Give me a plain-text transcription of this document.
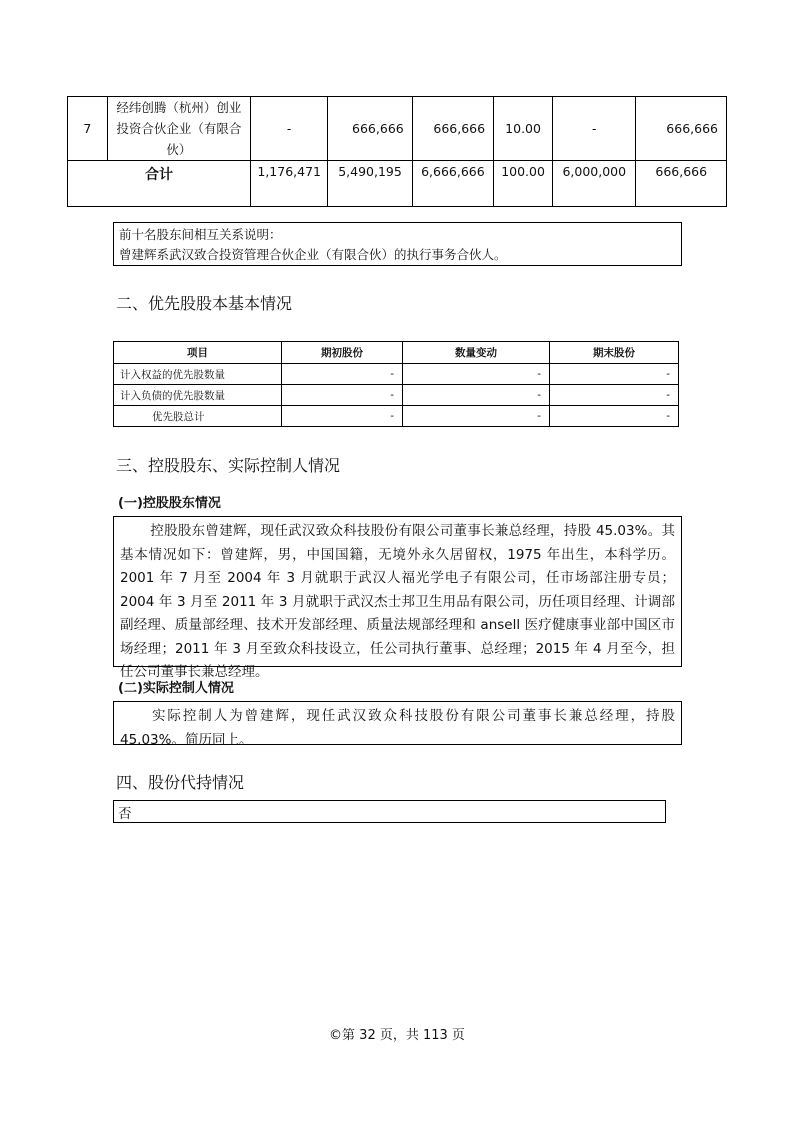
7	经纬创腾（杭州）创业投资合伙企业（有限合伙）	-	666,666	666,666	10.00	-	666,666
合计		1,176,471	5,490,195	6,666,666	100.00	6,000,000	666,666
前十名股东间相互关系说明：
曾建辉系武汉致合投资管理合伙企业（有限合伙）的执行事务合伙人。
二、优先股股本基本情况
项目	期初股份	数量变动	期末股份
计入权益的优先股数量	-	-	-
计入负债的优先股数量	-	-	-
优先股总计	-	-	-
三、控股股东、实际控制人情况
(一)控股股东情况
控股股东曾建辉，现任武汉致众科技股份有限公司董事长兼总经理，持股 45.03%。其基本情况如下：曾建辉，男，中国国籍，无境外永久居留权，1975 年出生，本科学历。2001 年 7 月至 2004 年 3 月就职于武汉人福光学电子有限公司，任市场部注册专员；2004 年 3 月至 2011 年 3 月就职于武汉杰士邦卫生用品有限公司，历任项目经理、计调部副经理、质量部经理、技术开发部经理、质量法规部经理和 ansell 医疗健康事业部中国区市场经理；2011 年 3 月至致众科技设立，任公司执行董事、总经理；2015 年 4 月至今，担任公司董事长兼总经理。
(二)实际控制人情况
实际控制人为曾建辉，现任武汉致众科技股份有限公司董事长兼总经理，持股 45.03%。简历同上。
四、股份代持情况
否
©第 32 页，共 113 页
